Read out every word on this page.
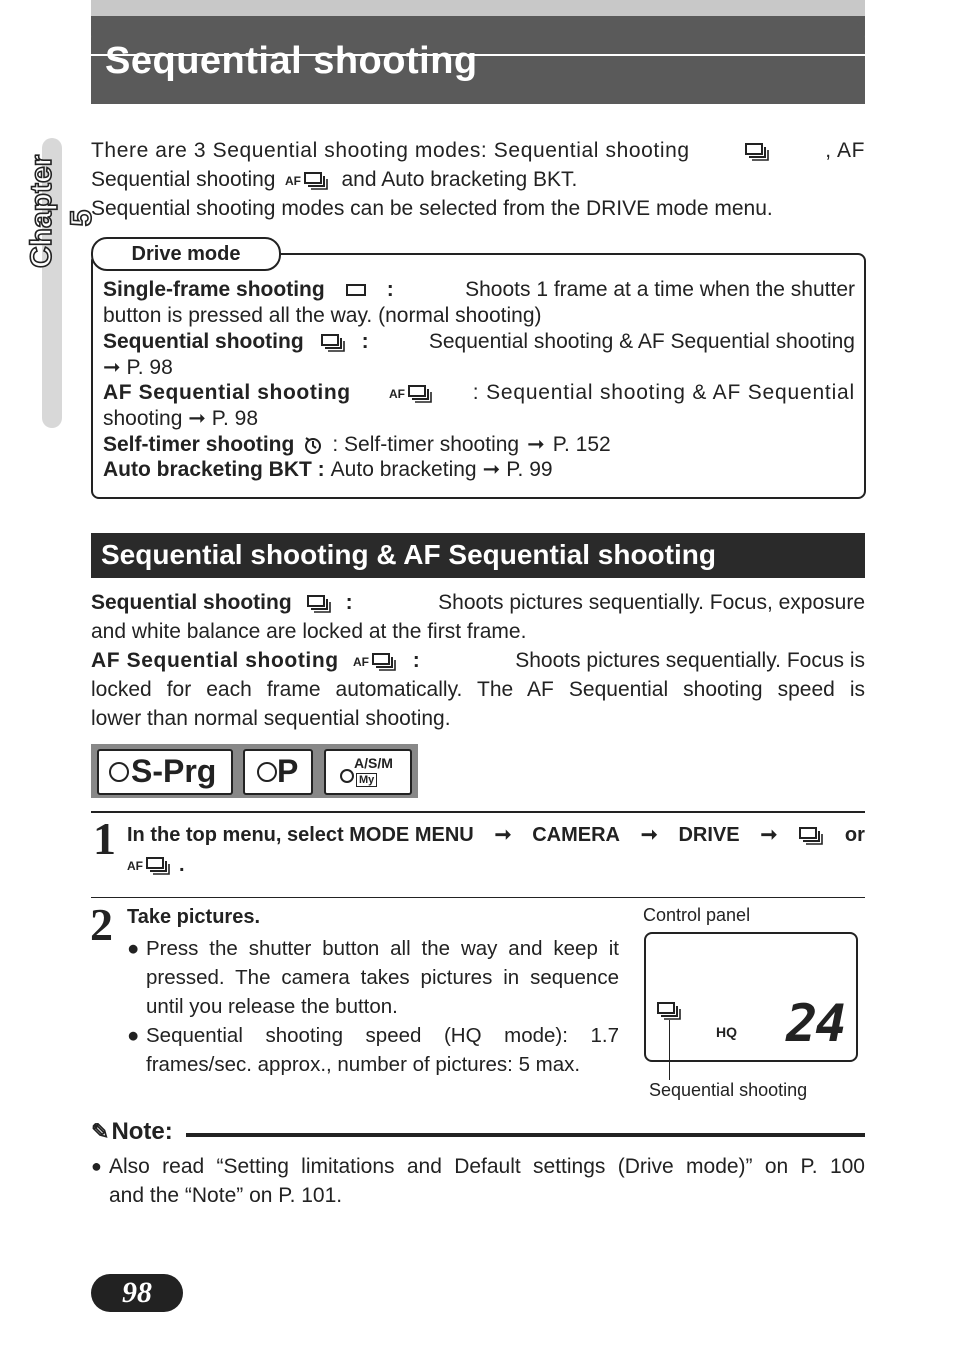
Sequential shooting
Chapter 5
There are 3 Sequential shooting modes: Sequential shooting	, AF
Sequential shooting AF and Auto bracketing BKT.
Sequential shooting modes can be selected from the DRIVE mode menu.
Single-frame shooting	:	Shoots 1 frame at a time when the shutter
button is pressed all the way. (normal shooting)
Sequential shooting	:	Sequential shooting & AF Sequential shooting
➞ P. 98
AF Sequential shooting	AF	: Sequential shooting & AF Sequential
shooting ➞ P. 98
Self-timer shooting : Self-timer shooting ➞ P. 152
Auto bracketing BKT : Auto bracketing ➞ P. 99
Drive mode
Sequential shooting & AF Sequential shooting
Sequential shooting	:	Shoots pictures sequentially. Focus, exposure
and white balance are locked at the first frame.
AF Sequential shooting AF :	Shoots pictures sequentially. Focus is
locked for each frame automatically. The AF Sequential shooting speed is
lower than normal sequential shooting.
S-Prg P	A/S/M
My
1 In the top menu, select MODE MENU ➞ CAMERA ➞ DRIVE ➞	or
AF .
2 Take pictures.
● Press the shutter button all the way and keep it
pressed. The camera takes pictures in sequence
until you release the button.
● Sequential shooting speed (HQ mode): 1.7
frames/sec. approx., number of pictures: 5 max.
Control panel
HQ 24
Sequential shooting
✎ Note:
● Also read “Setting limitations and Default settings (Drive mode)” on P. 100
and the “Note” on P. 101.
98
